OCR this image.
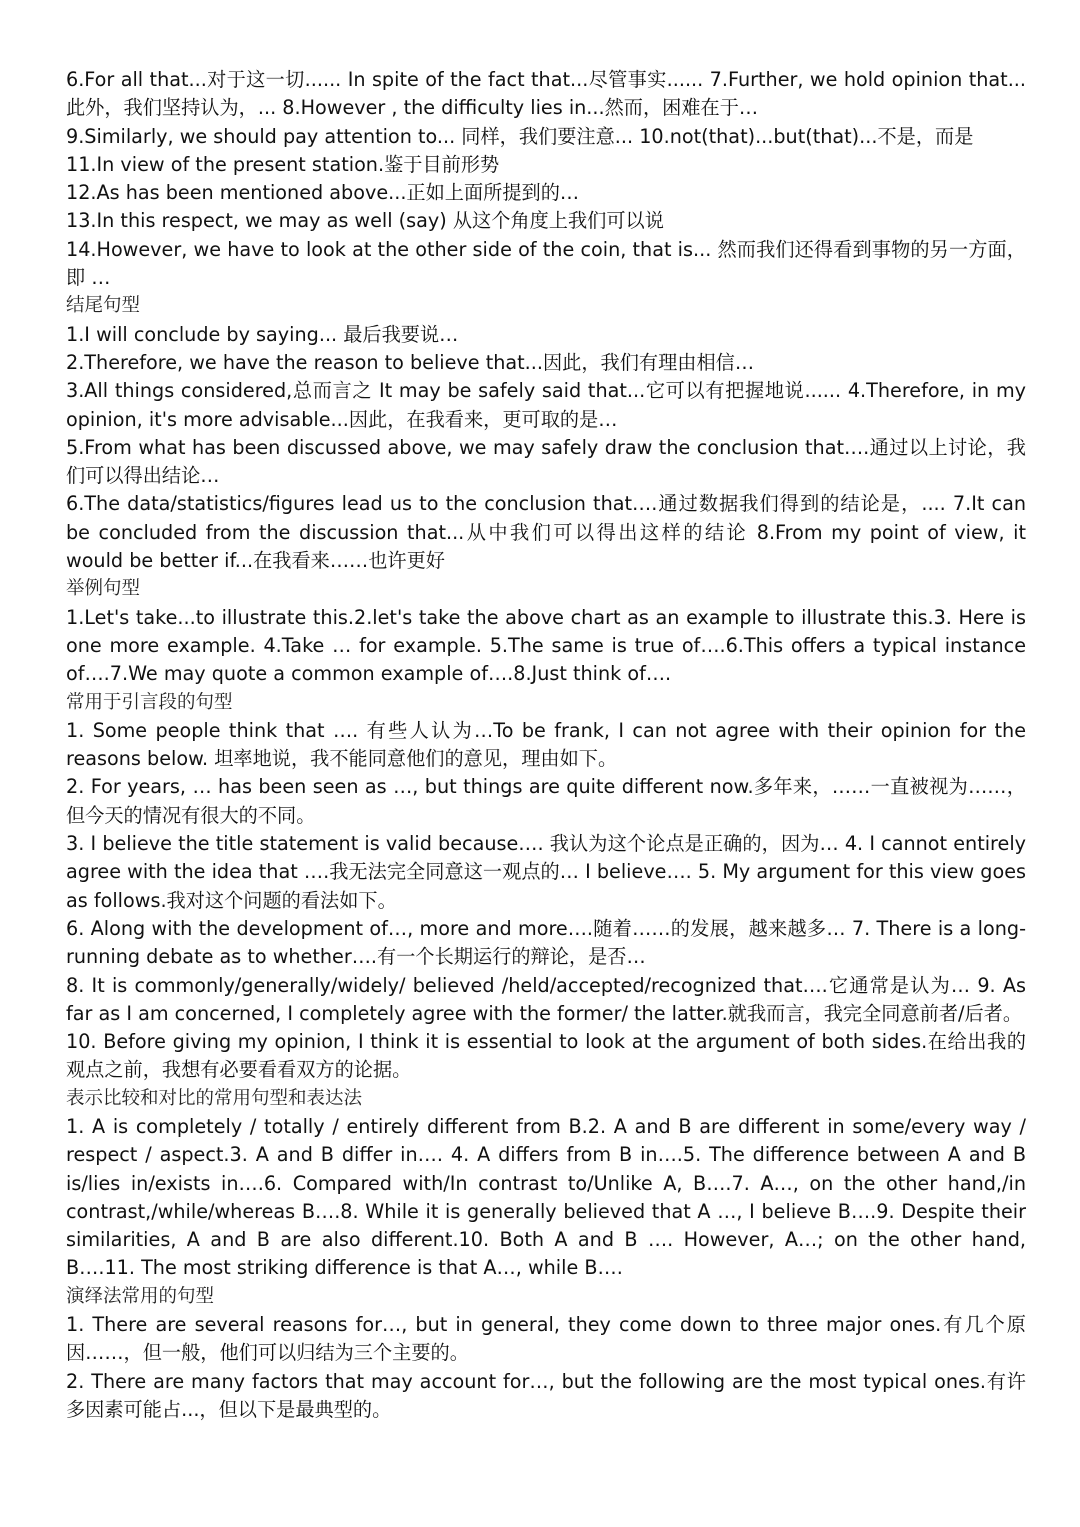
6.For all that...对于这一切...... In spite of the fact that...尽管事实...... 7.Further, we hold opinion that... 此外，我们坚持认为，... 8.However , the difficulty lies in...然而，困难在于…

9.Similarly, we should pay attention to... 同样，我们要注意... 10.not(that)...but(that)...不是，而是

11.In view of the present station.鉴于目前形势

12.As has been mentioned above...正如上面所提到的…

13.In this respect, we may as well (say) 从这个角度上我们可以说

14.However, we have to look at the other side of the coin, that is... 然而我们还得看到事物的另一方面，即 …

结尾句型

1.I will conclude by saying... 最后我要说…

2.Therefore, we have the reason to believe that...因此，我们有理由相信…

3.All things considered,总而言之 It may be safely said that...它可以有把握地说...... 4.Therefore, in my opinion, it's more advisable...因此，在我看来，更可取的是…

5.From what has been discussed above, we may safely draw the conclusion that….通过以上讨论，我们可以得出结论…

6.The data/statistics/figures lead us to the conclusion that….通过数据我们得到的结论是，.... 7.It can be concluded from the discussion that...从中我们可以得出这样的结论 8.From my point of view, it would be better if...在我看来……也许更好

举例句型

1.Let's take...to illustrate this.2.let's take the above chart as an example to illustrate this.3. Here is one more example. 4.Take … for example. 5.The same is true of….6.This offers a typical instance of….7.We may quote a common example of….8.Just think of….

常用于引言段的句型

1. Some people think that …. 有些人认为…To be frank, I can not agree with their opinion for the reasons below. 坦率地说，我不能同意他们的意见，理由如下。

2. For years, … has been seen as …, but things are quite different now.多年来，……一直被视为……，但今天的情况有很大的不同。

3. I believe the title statement is valid because…. 我认为这个论点是正确的，因为… 4. I cannot entirely agree with the idea that ….我无法完全同意这一观点的… I believe…. 5. My argument for this view goes as follows.我对这个问题的看法如下。

6. Along with the development of…, more and more….随着……的发展，越来越多… 7. There is a long-running debate as to whether….有一个长期运行的辩论，是否…

8. It is commonly/generally/widely/ believed /held/accepted/recognized that….它通常是认为… 9. As far as I am concerned, I completely agree with the former/ the latter.就我而言，我完全同意前者/后者。

10. Before giving my opinion, I think it is essential to look at the argument of both sides.在给出我的观点之前，我想有必要看看双方的论据。

表示比较和对比的常用句型和表达法

1. A is completely / totally / entirely different from B.2. A and B are different in some/every way / respect / aspect.3. A and B differ in…. 4. A differs from B in….5. The difference between A and B is/lies in/exists in….6. Compared with/In contrast to/Unlike A, B….7. A…, on the other hand,/in contrast,/while/whereas B….8. While it is generally believed that A …, I believe B….9. Despite their similarities, A and B are also different.10. Both A and B …. However, A…; on the other hand, B….11. The most striking difference is that A…, while B….

演绎法常用的句型

1. There are several reasons for…, but in general, they come down to three major ones.有几个原因……，但一般，他们可以归结为三个主要的。

2. There are many factors that may account for…, but the following are the most typical ones.有许多因素可能占...，但以下是最典型的。
